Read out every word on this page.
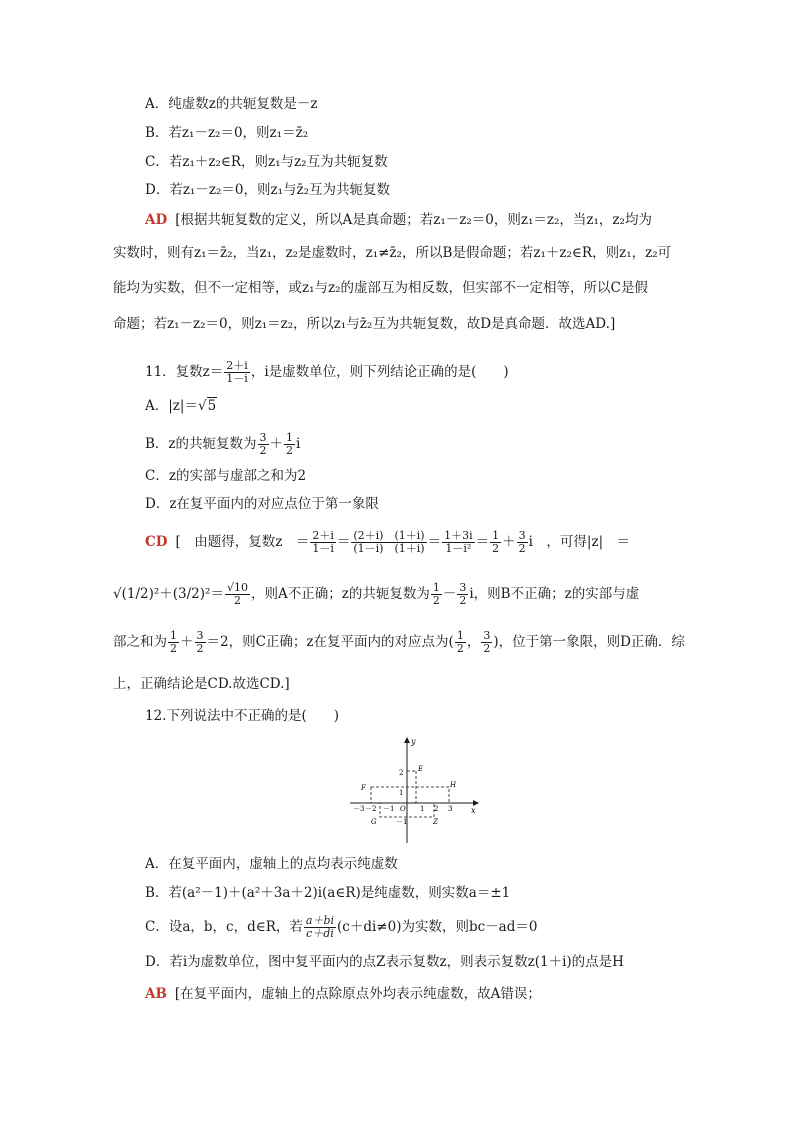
A．纯虚数z的共轭复数是－z
B．若z₁－z₂＝0，则z₁＝z̄₂
C．若z₁＋z₂∈R，则z₁与z₂互为共轭复数
D．若z₁－z₂＝0，则z₁与z̄₂互为共轭复数
AD [根据共轭复数的定义，所以A是真命题；若z₁－z₂＝0，则z₁＝z₂，当z₁，z₂均为
实数时，则有z₁＝z̄₂，当z₁，z₂是虚数时，z₁≠z̄₂，所以B是假命题；若z₁＋z₂∈R，则z₁，z₂可
能均为实数，但不一定相等，或z₁与z₂的虚部互为相反数，但实部不一定相等，所以C是假
命题；若z₁－z₂＝0，则z₁＝z₂，所以z₁与z̄₂互为共轭复数，故D是真命题．故选AD.]
11．复数$z= \frac{2+i}{1-i}$ ，i是虚数单位，则下列结论正确的是(　　)
A．|z|＝√5
B．z的共轭复数为 $\frac{3}{2} + \frac{1}{2}$ i
C．z的实部与虚部之和为2
D．z在复平面内的对应点位于第一象限
CD [　由题得，复数z　＝ $\frac{2+i}{1-i} = \frac{(2+i) (1+i)}{(1-i) (1+i)} = \frac{1+3i}{\text{1－i²}} = \frac{1}{2} + \frac{3}{2}$ i　，可得|z|　＝
$√(1/2)^2+(3/2)^2= \frac{√10}{2}$ ，则A不正确；z的共轭复数为 $\frac{1}{2} - \frac{3}{2}$ i，则B不正确；z的实部与虚
部之和为 $\frac{1}{2} + \frac{3}{2} =2$，则C正确；z在复平面内的对应点为( $\frac{1}{2}$ ， $\frac{3}{2}$ )，位于第一象限，则D正确．综
上，正确结论是CD.故选CD.]
12.下列说法中不正确的是(　　)
y
x
－3 －2 －1 O 1 2 3
2
1
－1
E
H
F
G	Z
A．在复平面内，虚轴上的点均表示纯虚数
B．若(a²－1)＋(a²＋3a＋2)i(a∈R)是纯虚数，则实数a＝±1
C．设a，b，c，d∈R，若 $\frac{a+bi}{c+di} (c+di\ne 0)$为实数，则bc－ad＝0
D．若i为虚数单位，图中复平面内的点Z表示复数z，则表示复数z(1＋i)的点是H
AB [在复平面内，虚轴上的点除原点外均表示纯虚数，故A错误；
